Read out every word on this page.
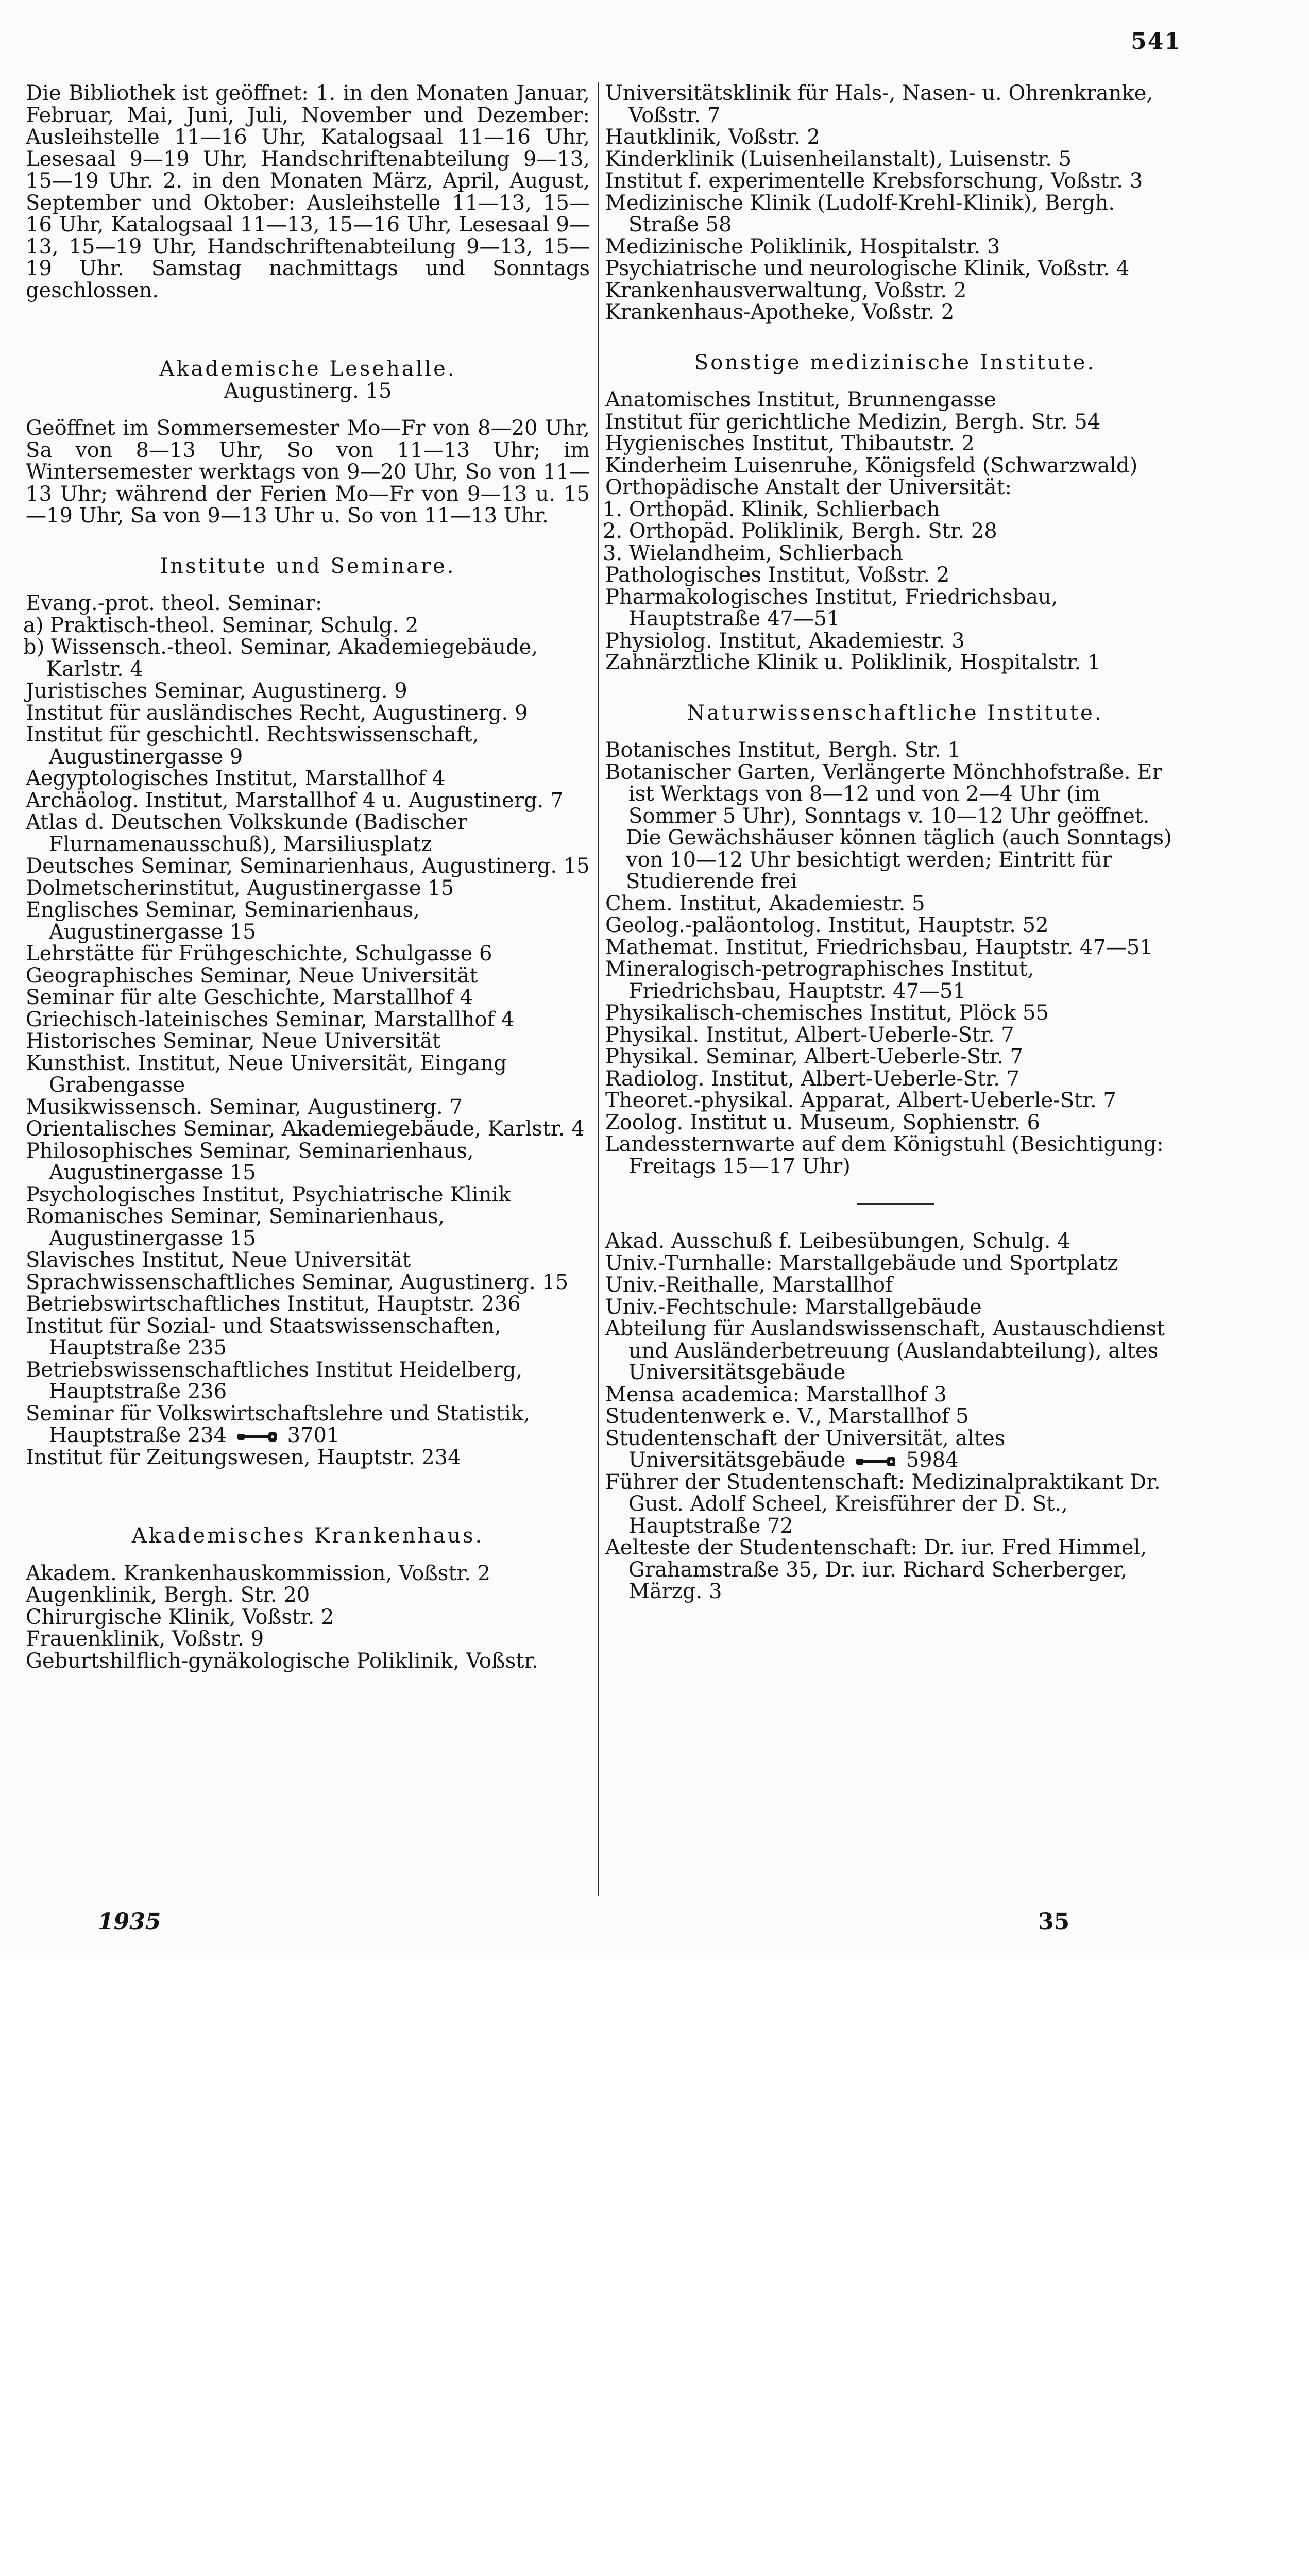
541

Die Bibliothek ist geöffnet: 1. in den Monaten Januar, Februar, Mai, Juni, Juli, November und Dezember: Ausleihstelle 11—16 Uhr, Katalogsaal 11—16 Uhr, Lesesaal 9—19 Uhr, Handschriftenabteilung 9—13, 15—19 Uhr. 2. in den Monaten März, April, August, September und Oktober: Ausleihstelle 11—13, 15—16 Uhr, Katalogsaal 11—13, 15—16 Uhr, Lesesaal 9—13, 15—19 Uhr, Handschriftenabteilung 9—13, 15—19 Uhr. Samstag nachmittags und Sonntags geschlossen.

Akademische Lesehalle.

Augustinerg. 15

Geöffnet im Sommersemester Mo—Fr von 8—20 Uhr, Sa von 8—13 Uhr, So von 11—13 Uhr; im Wintersemester werktags von 9—20 Uhr, So von 11—13 Uhr; während der Ferien Mo—Fr von 9—13 u. 15—19 Uhr, Sa von 9—13 Uhr u. So von 11—13 Uhr.

Institute und Seminare.

Evang.-prot. theol. Seminar:

a) Praktisch-theol. Seminar, Schulg. 2

b) Wissensch.-theol. Seminar, Akademiegebäude, Karlstr. 4

Juristisches Seminar, Augustinerg. 9

Institut für ausländisches Recht, Augustinerg. 9

Institut für geschichtl. Rechtswissenschaft, Augustinergasse 9

Aegyptologisches Institut, Marstallhof 4

Archäolog. Institut, Marstallhof 4 u. Augustinerg. 7

Atlas d. Deutschen Volkskunde (Badischer Flurnamenausschuß), Marsiliusplatz

Deutsches Seminar, Seminarienhaus, Augustinerg. 15

Dolmetscherinstitut, Augustinergasse 15

Englisches Seminar, Seminarienhaus, Augustinergasse 15

Lehrstätte für Frühgeschichte, Schulgasse 6

Geographisches Seminar, Neue Universität

Seminar für alte Geschichte, Marstallhof 4

Griechisch-lateinisches Seminar, Marstallhof 4

Historisches Seminar, Neue Universität

Kunsthist. Institut, Neue Universität, Eingang Grabengasse

Musikwissensch. Seminar, Augustinerg. 7

Orientalisches Seminar, Akademiegebäude, Karlstr. 4

Philosophisches Seminar, Seminarienhaus, Augustinergasse 15

Psychologisches Institut, Psychiatrische Klinik

Romanisches Seminar, Seminarienhaus, Augustinergasse 15

Slavisches Institut, Neue Universität

Sprachwissenschaftliches Seminar, Augustinerg. 15

Betriebswirtschaftliches Institut, Hauptstr. 236

Institut für Sozial- und Staatswissenschaften, Hauptstraße 235

Betriebswissenschaftliches Institut Heidelberg, Hauptstraße 236

Seminar für Volkswirtschaftslehre und Statistik, Hauptstraße 234	3701

Institut für Zeitungswesen, Hauptstr. 234

Akademisches Krankenhaus.

Akadem. Krankenhauskommission, Voßstr. 2

Augenklinik, Bergh. Str. 20

Chirurgische Klinik, Voßstr. 2

Frauenklinik, Voßstr. 9

Geburtshilflich-gynäkologische Poliklinik, Voßstr.

Universitätsklinik für Hals-, Nasen- u. Ohrenkranke, Voßstr. 7

Hautklinik, Voßstr. 2

Kinderklinik (Luisenheilanstalt), Luisenstr. 5

Institut f. experimentelle Krebsforschung, Voßstr. 3

Medizinische Klinik (Ludolf-Krehl-Klinik), Bergh. Straße 58

Medizinische Poliklinik, Hospitalstr. 3

Psychiatrische und neurologische Klinik, Voßstr. 4

Krankenhausverwaltung, Voßstr. 2

Krankenhaus-Apotheke, Voßstr. 2

Sonstige medizinische Institute.

Anatomisches Institut, Brunnengasse

Institut für gerichtliche Medizin, Bergh. Str. 54

Hygienisches Institut, Thibautstr. 2

Kinderheim Luisenruhe, Königsfeld (Schwarzwald)

Orthopädische Anstalt der Universität:

1. Orthopäd. Klinik, Schlierbach

2. Orthopäd. Poliklinik, Bergh. Str. 28

3. Wielandheim, Schlierbach

Pathologisches Institut, Voßstr. 2

Pharmakologisches Institut, Friedrichsbau, Hauptstraße 47—51

Physiolog. Institut, Akademiestr. 3

Zahnärztliche Klinik u. Poliklinik, Hospitalstr. 1

Naturwissenschaftliche Institute.

Botanisches Institut, Bergh. Str. 1

Botanischer Garten, Verlängerte Mönchhofstraße. Er ist Werktags von 8—12 und von 2—4 Uhr (im Sommer 5 Uhr), Sonntags v. 10—12 Uhr geöffnet.

Die Gewächshäuser können täglich (auch Sonntags) von 10—12 Uhr besichtigt werden; Eintritt für Studierende frei

Chem. Institut, Akademiestr. 5

Geolog.-paläontolog. Institut, Hauptstr. 52

Mathemat. Institut, Friedrichsbau, Hauptstr. 47—51

Mineralogisch-petrographisches Institut, Friedrichsbau, Hauptstr. 47—51

Physikalisch-chemisches Institut, Plöck 55

Physikal. Institut, Albert-Ueberle-Str. 7

Physikal. Seminar, Albert-Ueberle-Str. 7

Radiolog. Institut, Albert-Ueberle-Str. 7

Theoret.-physikal. Apparat, Albert-Ueberle-Str. 7

Zoolog. Institut u. Museum, Sophienstr. 6

Landessternwarte auf dem Königstuhl (Besichtigung: Freitags 15—17 Uhr)

Akad. Ausschuß f. Leibesübungen, Schulg. 4

Univ.-Turnhalle: Marstallgebäude und Sportplatz

Univ.-Reithalle, Marstallhof

Univ.-Fechtschule: Marstallgebäude

Abteilung für Auslandswissenschaft, Austauschdienst und Ausländerbetreuung (Auslandabteilung), altes Universitätsgebäude

Mensa academica: Marstallhof 3

Studentenwerk e. V., Marstallhof 5

Studentenschaft der Universität, altes Universitätsgebäude	5984

Führer der Studentenschaft: Medizinalpraktikant Dr. Gust. Adolf Scheel, Kreisführer der D. St., Hauptstraße 72

Aelteste der Studentenschaft: Dr. iur. Fred Himmel, Grahamstraße 35, Dr. iur. Richard Scherberger, Märzg. 3

1935	35
